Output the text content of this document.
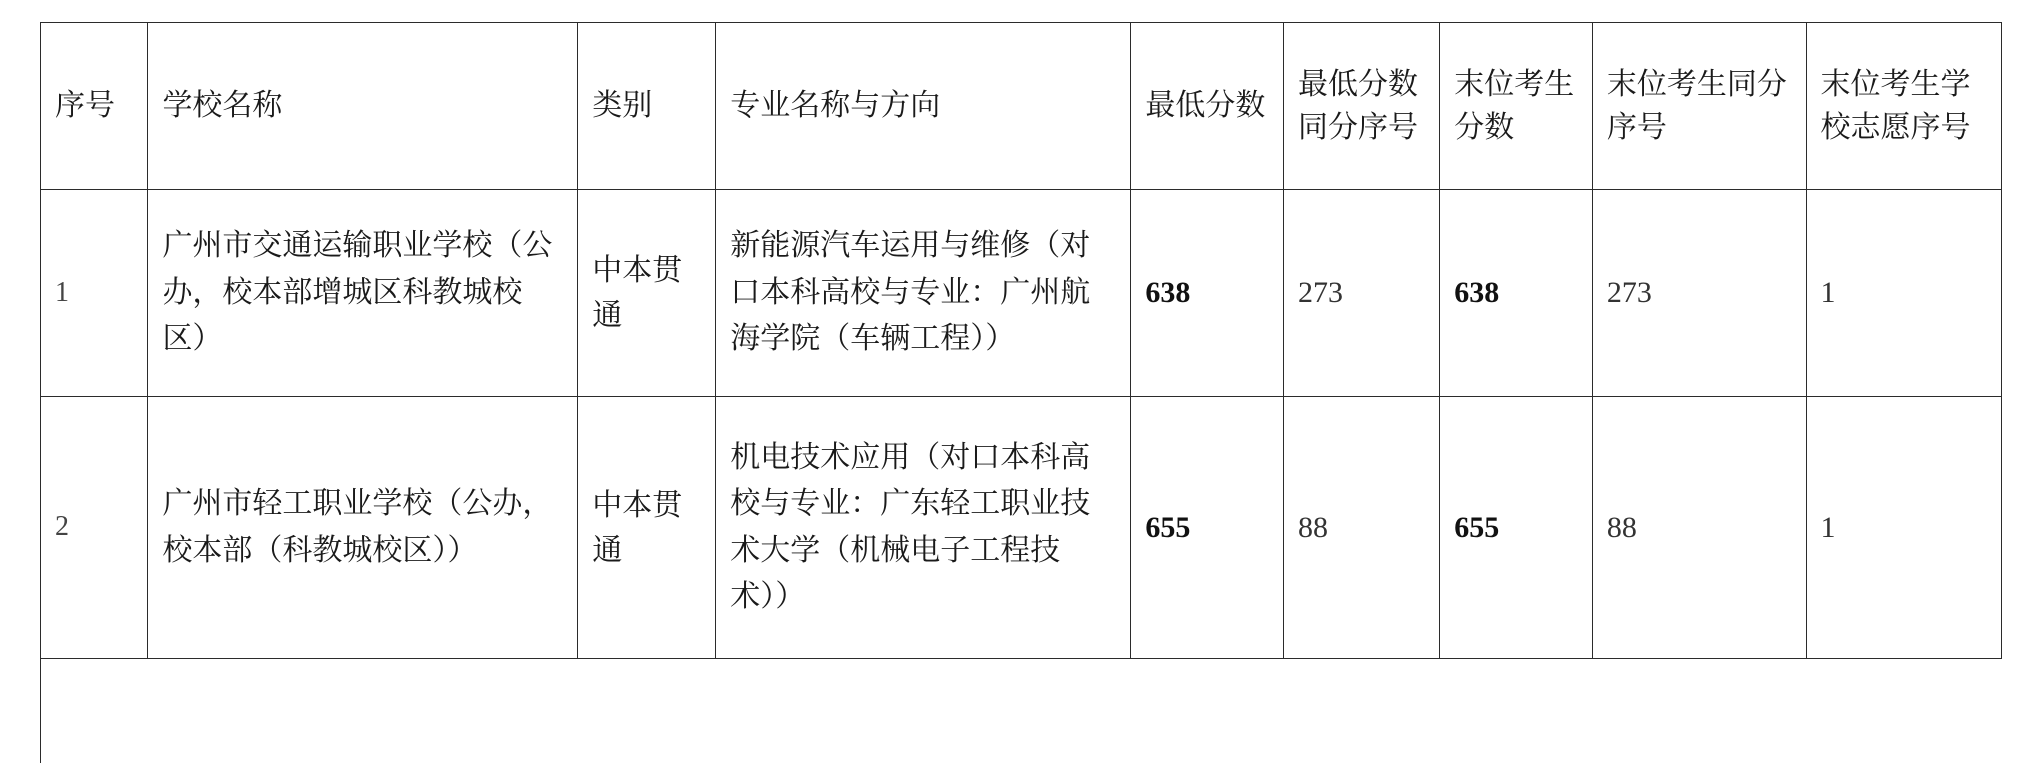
序号	学校名称	类别	专业名称与方向	最低分数	最低分数同分序号	末位考生分数	末位考生同分序号	末位考生学校志愿序号
1	广州市交通运输职业学校（公办，校本部增城区科教城校区）	中本贯通	新能源汽车运用与维修（对口本科高校与专业：广州航海学院（车辆工程））	638	273	638	273	1
2	广州市轻工职业学校（公办，校本部（科教城校区））	中本贯通	机电技术应用（对口本科高校与专业：广东轻工职业技术大学（机械电子工程技术））	655	88	655	88	1
